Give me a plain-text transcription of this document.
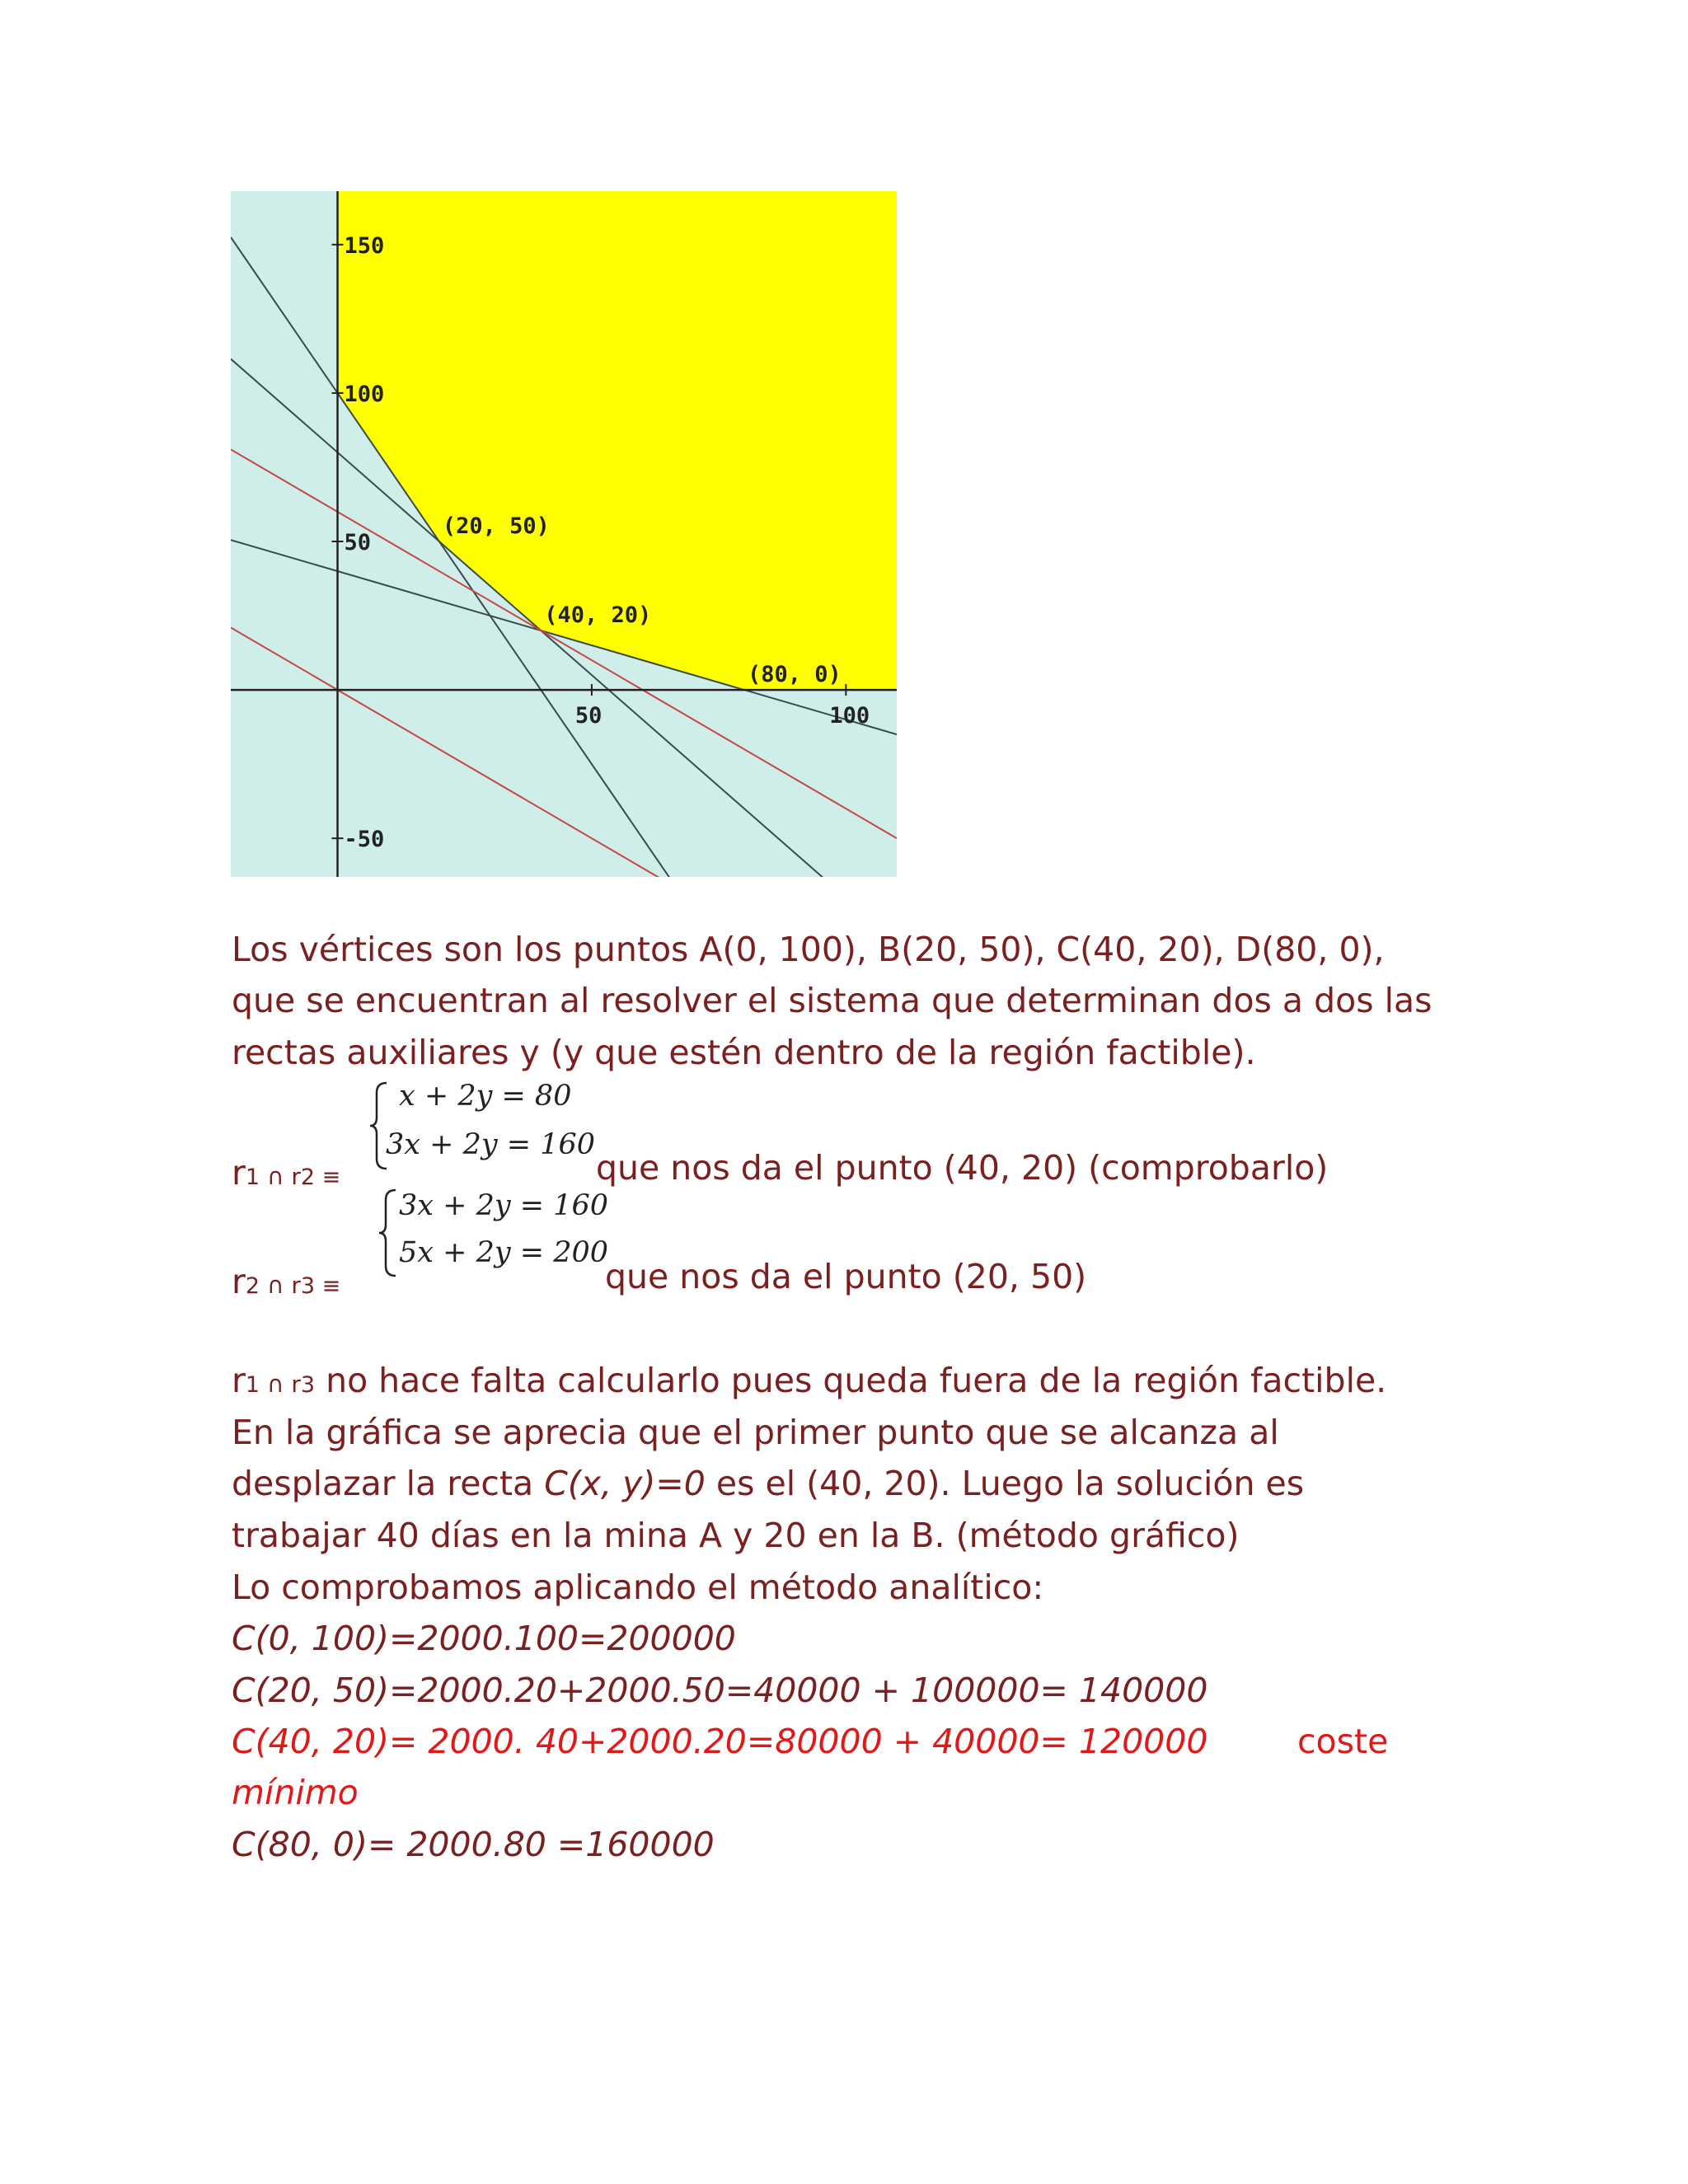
50	100
150
100
50
-50
(20, 50)
(40, 20)
(80, 0)
Los vértices son los puntos A(0, 100), B(20, 50), C(40, 20), D(80, 0),
que se encuentran al resolver el sistema que determinan dos a dos las
rectas auxiliares y (y que estén dentro de la región factible).
x + 2y = 80
3x + 2y = 160
r1 ∩ r2 ≡	que nos da el punto (40, 20) (comprobarlo)
3x + 2y = 160
5x + 2y = 200
r2 ∩ r3 ≡	que nos da el punto (20, 50)
r1 ∩ r3 no hace falta calcularlo pues queda fuera de la región factible.
En la gráfica se aprecia que el primer punto que se alcanza al
desplazar la recta C(x, y)=0 es el (40, 20). Luego la solución es
trabajar 40 días en la mina A y 20 en la B. (método gráfico)
Lo comprobamos aplicando el método analítico:
C(0, 100)=2000.100=200000
C(20, 50)=2000.20+2000.50=40000 + 100000= 140000
C(40, 20)= 2000. 40+2000.20=80000 + 40000= 120000	coste
mínimo
C(80, 0)= 2000.80 =160000
